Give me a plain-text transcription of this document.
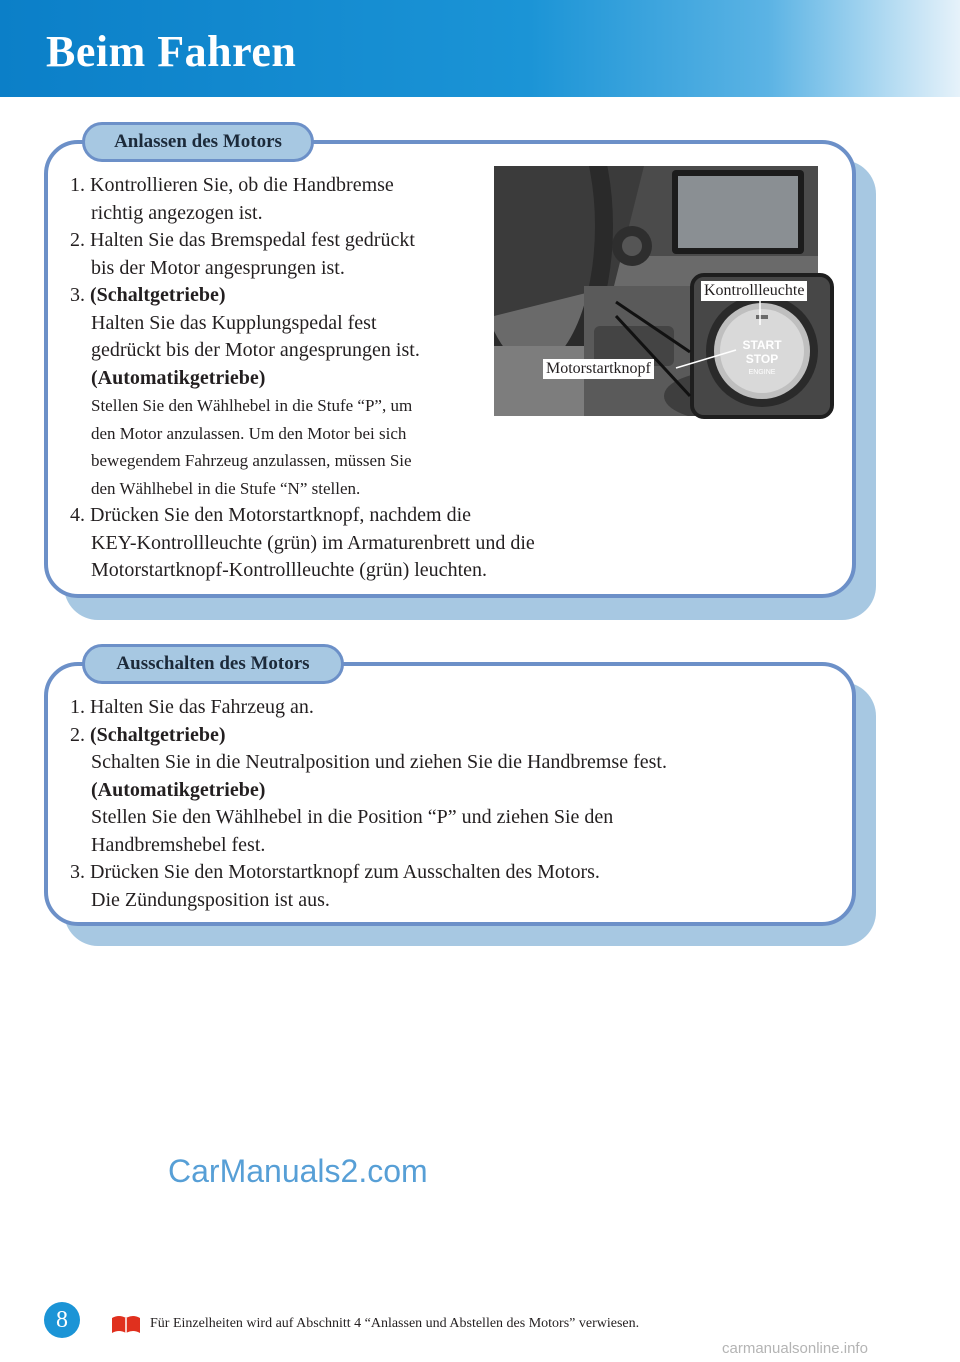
Beim Fahren
Anlassen des Motors
1. Kontrollieren Sie, ob die Handbremse
richtig angezogen ist.
2. Halten Sie das Bremspedal fest gedrückt
bis der Motor angesprungen ist.
3. (Schaltgetriebe)
Halten Sie das Kupplungspedal fest
gedrückt bis der Motor angesprungen ist.
(Automatikgetriebe)
Stellen Sie den Wählhebel in die Stufe “P”, um
den Motor anzulassen. Um den Motor bei sich
bewegendem Fahrzeug anzulassen, müssen Sie
den Wählhebel in die Stufe “N” stellen.
4. Drücken Sie den Motorstartknopf, nachdem die
KEY-Kontrollleuchte (grün) im Armaturenbrett und die
Motorstartknopf-Kontrollleuchte (grün) leuchten.
START
STOP
ENGINE
Kontrollleuchte
Motorstartknopf
Ausschalten des Motors
1. Halten Sie das Fahrzeug an.
2. (Schaltgetriebe)
Schalten Sie in die Neutralposition und ziehen Sie die Handbremse fest.
(Automatikgetriebe)
Stellen Sie den Wählhebel in die Position “P” und ziehen Sie den
Handbremshebel fest.
3. Drücken Sie den Motorstartknopf zum Ausschalten des Motors.
Die Zündungsposition ist aus.
CarManuals2.com
carmanualsonline.info
8	Für Einzelheiten wird auf Abschnitt 4 “Anlassen und Abstellen des Motors” verwiesen.
